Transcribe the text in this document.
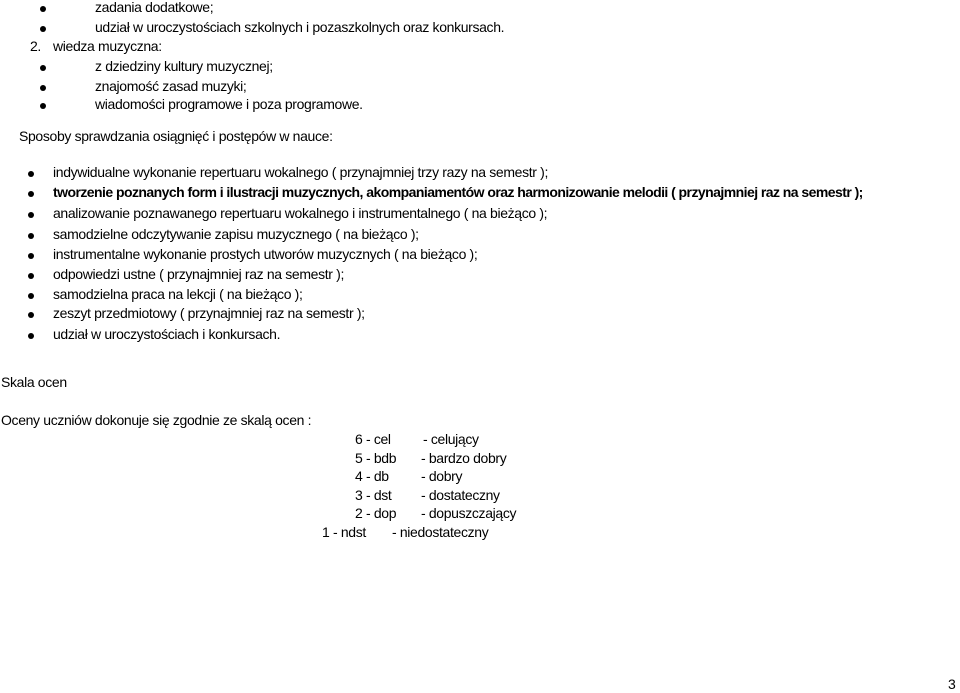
zadania dodatkowe;
udział w uroczystościach szkolnych i pozaszkolnych oraz konkursach.
2. wiedza muzyczna:
z dziedziny kultury muzycznej;
znajomość zasad muzyki;
wiadomości programowe i poza programowe.
Sposoby sprawdzania osiągnięć i postępów w nauce:
indywidualne wykonanie repertuaru wokalnego ( przynajmniej trzy razy na semestr );
tworzenie poznanych form i ilustracji muzycznych, akompaniamentów oraz harmonizowanie melodii ( przynajmniej raz na semestr );
analizowanie poznawanego repertuaru wokalnego i instrumentalnego ( na bieżąco );
samodzielne odczytywanie zapisu muzycznego ( na bieżąco );
instrumentalne wykonanie prostych utworów muzycznych ( na bieżąco );
odpowiedzi ustne ( przynajmniej raz na semestr );
samodzielna praca na lekcji ( na bieżąco );
zeszyt przedmiotowy ( przynajmniej raz na semestr );
udział w uroczystościach i konkursach.
Skala ocen
Oceny uczniów dokonuje się zgodnie ze skalą ocen :
6 - cel - celujący
5 - bdb - bardzo dobry
4 - db - dobry
3 - dst - dostateczny
2 - dop - dopuszczający
1 - ndst - niedostateczny
3
